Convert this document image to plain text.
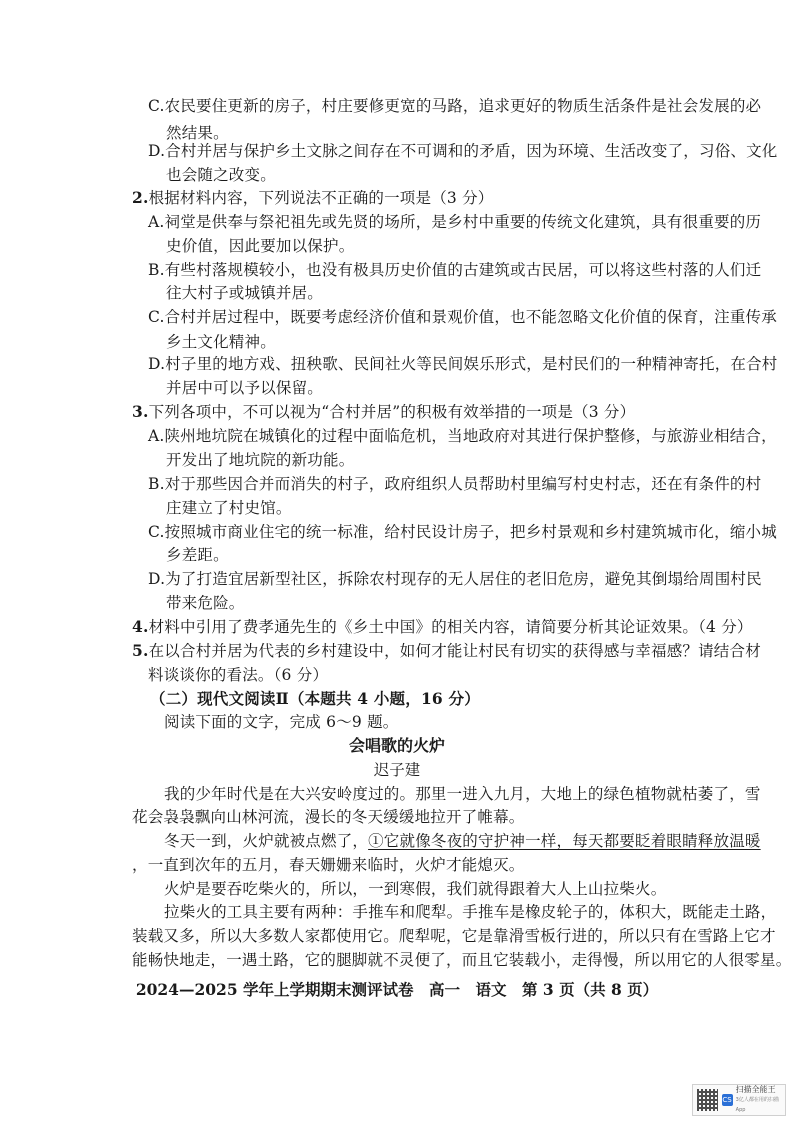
C.农民要住更新的房子，村庄要修更宽的马路，追求更好的物质生活条件是社会发展的必
然结果。
D.合村并居与保护乡土文脉之间存在不可调和的矛盾，因为环境、生活改变了，习俗、文化
也会随之改变。
2.根据材料内容，下列说法不正确的一项是（3 分）
A.祠堂是供奉与祭祀祖先或先贤的场所，是乡村中重要的传统文化建筑，具有很重要的历
史价值，因此要加以保护。
B.有些村落规模较小，也没有极具历史价值的古建筑或古民居，可以将这些村落的人们迁
往大村子或城镇并居。
C.合村并居过程中，既要考虑经济价值和景观价值，也不能忽略文化价值的保育，注重传承
乡土文化精神。
D.村子里的地方戏、扭秧歌、民间社火等民间娱乐形式，是村民们的一种精神寄托，在合村
并居中可以予以保留。
3.下列各项中，不可以视为“合村并居”的积极有效举措的一项是（3 分）
A.陕州地坑院在城镇化的过程中面临危机，当地政府对其进行保护整修，与旅游业相结合，
开发出了地坑院的新功能。
B.对于那些因合并而消失的村子，政府组织人员帮助村里编写村史村志，还在有条件的村
庄建立了村史馆。
C.按照城市商业住宅的统一标准，给村民设计房子，把乡村景观和乡村建筑城市化，缩小城
乡差距。
D.为了打造宜居新型社区，拆除农村现存的无人居住的老旧危房，避免其倒塌给周围村民
带来危险。
4.材料中引用了费孝通先生的《乡土中国》的相关内容，请简要分析其论证效果。（4 分）
5.在以合村并居为代表的乡村建设中，如何才能让村民有切实的获得感与幸福感？请结合材
料谈谈你的看法。（6 分）
（二）现代文阅读Ⅱ（本题共 4 小题，16 分）
阅读下面的文字，完成 6～9 题。
会唱歌的火炉
迟子建
我的少年时代是在大兴安岭度过的。那里一进入九月，大地上的绿色植物就枯萎了，雪
花会袅袅飘向山林河流，漫长的冬天缓缓地拉开了帷幕。
冬天一到，火炉就被点燃了，①它就像冬夜的守护神一样，每天都要眨着眼睛释放温暖
，一直到次年的五月，春天姗姗来临时，火炉才能熄灭。
火炉是要吞吃柴火的，所以，一到寒假，我们就得跟着大人上山拉柴火。
拉柴火的工具主要有两种：手推车和爬犁。手推车是橡皮轮子的，体积大，既能走土路，
装载又多，所以大多数人家都使用它。爬犁呢，它是靠滑雪板行进的，所以只有在雪路上它才
能畅快地走，一遇土路，它的腿脚就不灵便了，而且它装载小，走得慢，所以用它的人很零星。
2024—2025 学年上学期期末测评试卷　高一　语文　第 3 页（共 8 页）
CS
扫描全能王
3亿人都在用的扫描App
